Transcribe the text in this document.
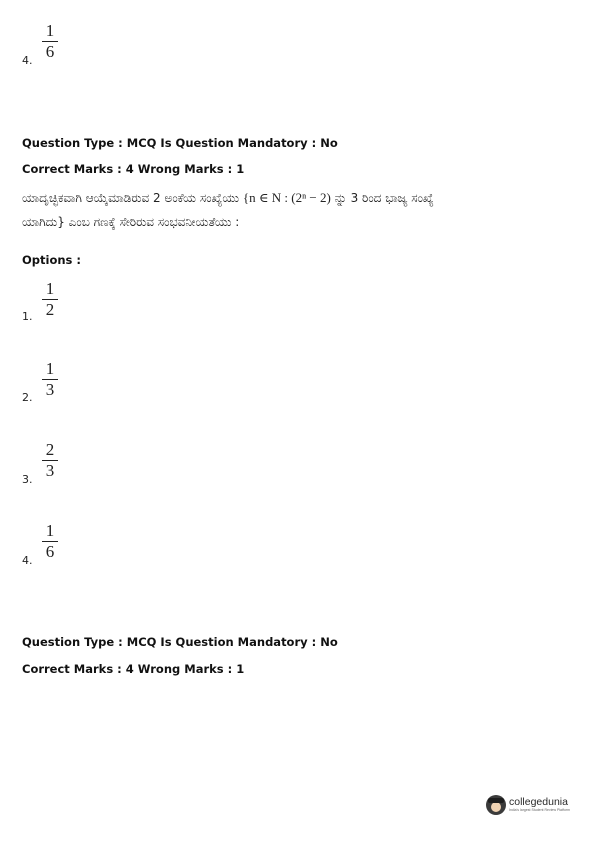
4.
1
6
Question Type : MCQ Is Question Mandatory : No
Correct Marks : 4 Wrong Marks : 1
ಯಾದೃಚ್ಛಿಕವಾಗಿ ಆಯ್ಕೆಮಾಡಿರುವ 2 ಅಂಕೆಯ ಸಂಖ್ಯೆಯು {n ∈ N : (2ⁿ − 2) ನ್ನು 3 ರಿಂದ ಭಾಜ್ಯ ಸಂಖ್ಯೆ ಯಾಗಿದು} ಎಂಬ ಗಣಕ್ಕೆ ಸೇರಿರುವ ಸಂಭವನೀಯತೆಯು :
Options :
1.
1
2
2.
1
3
3.
2
3
4.
1
6
Question Type : MCQ Is Question Mandatory : No
Correct Marks : 4 Wrong Marks : 1
collegedunia
India's largest Student Review Platform
